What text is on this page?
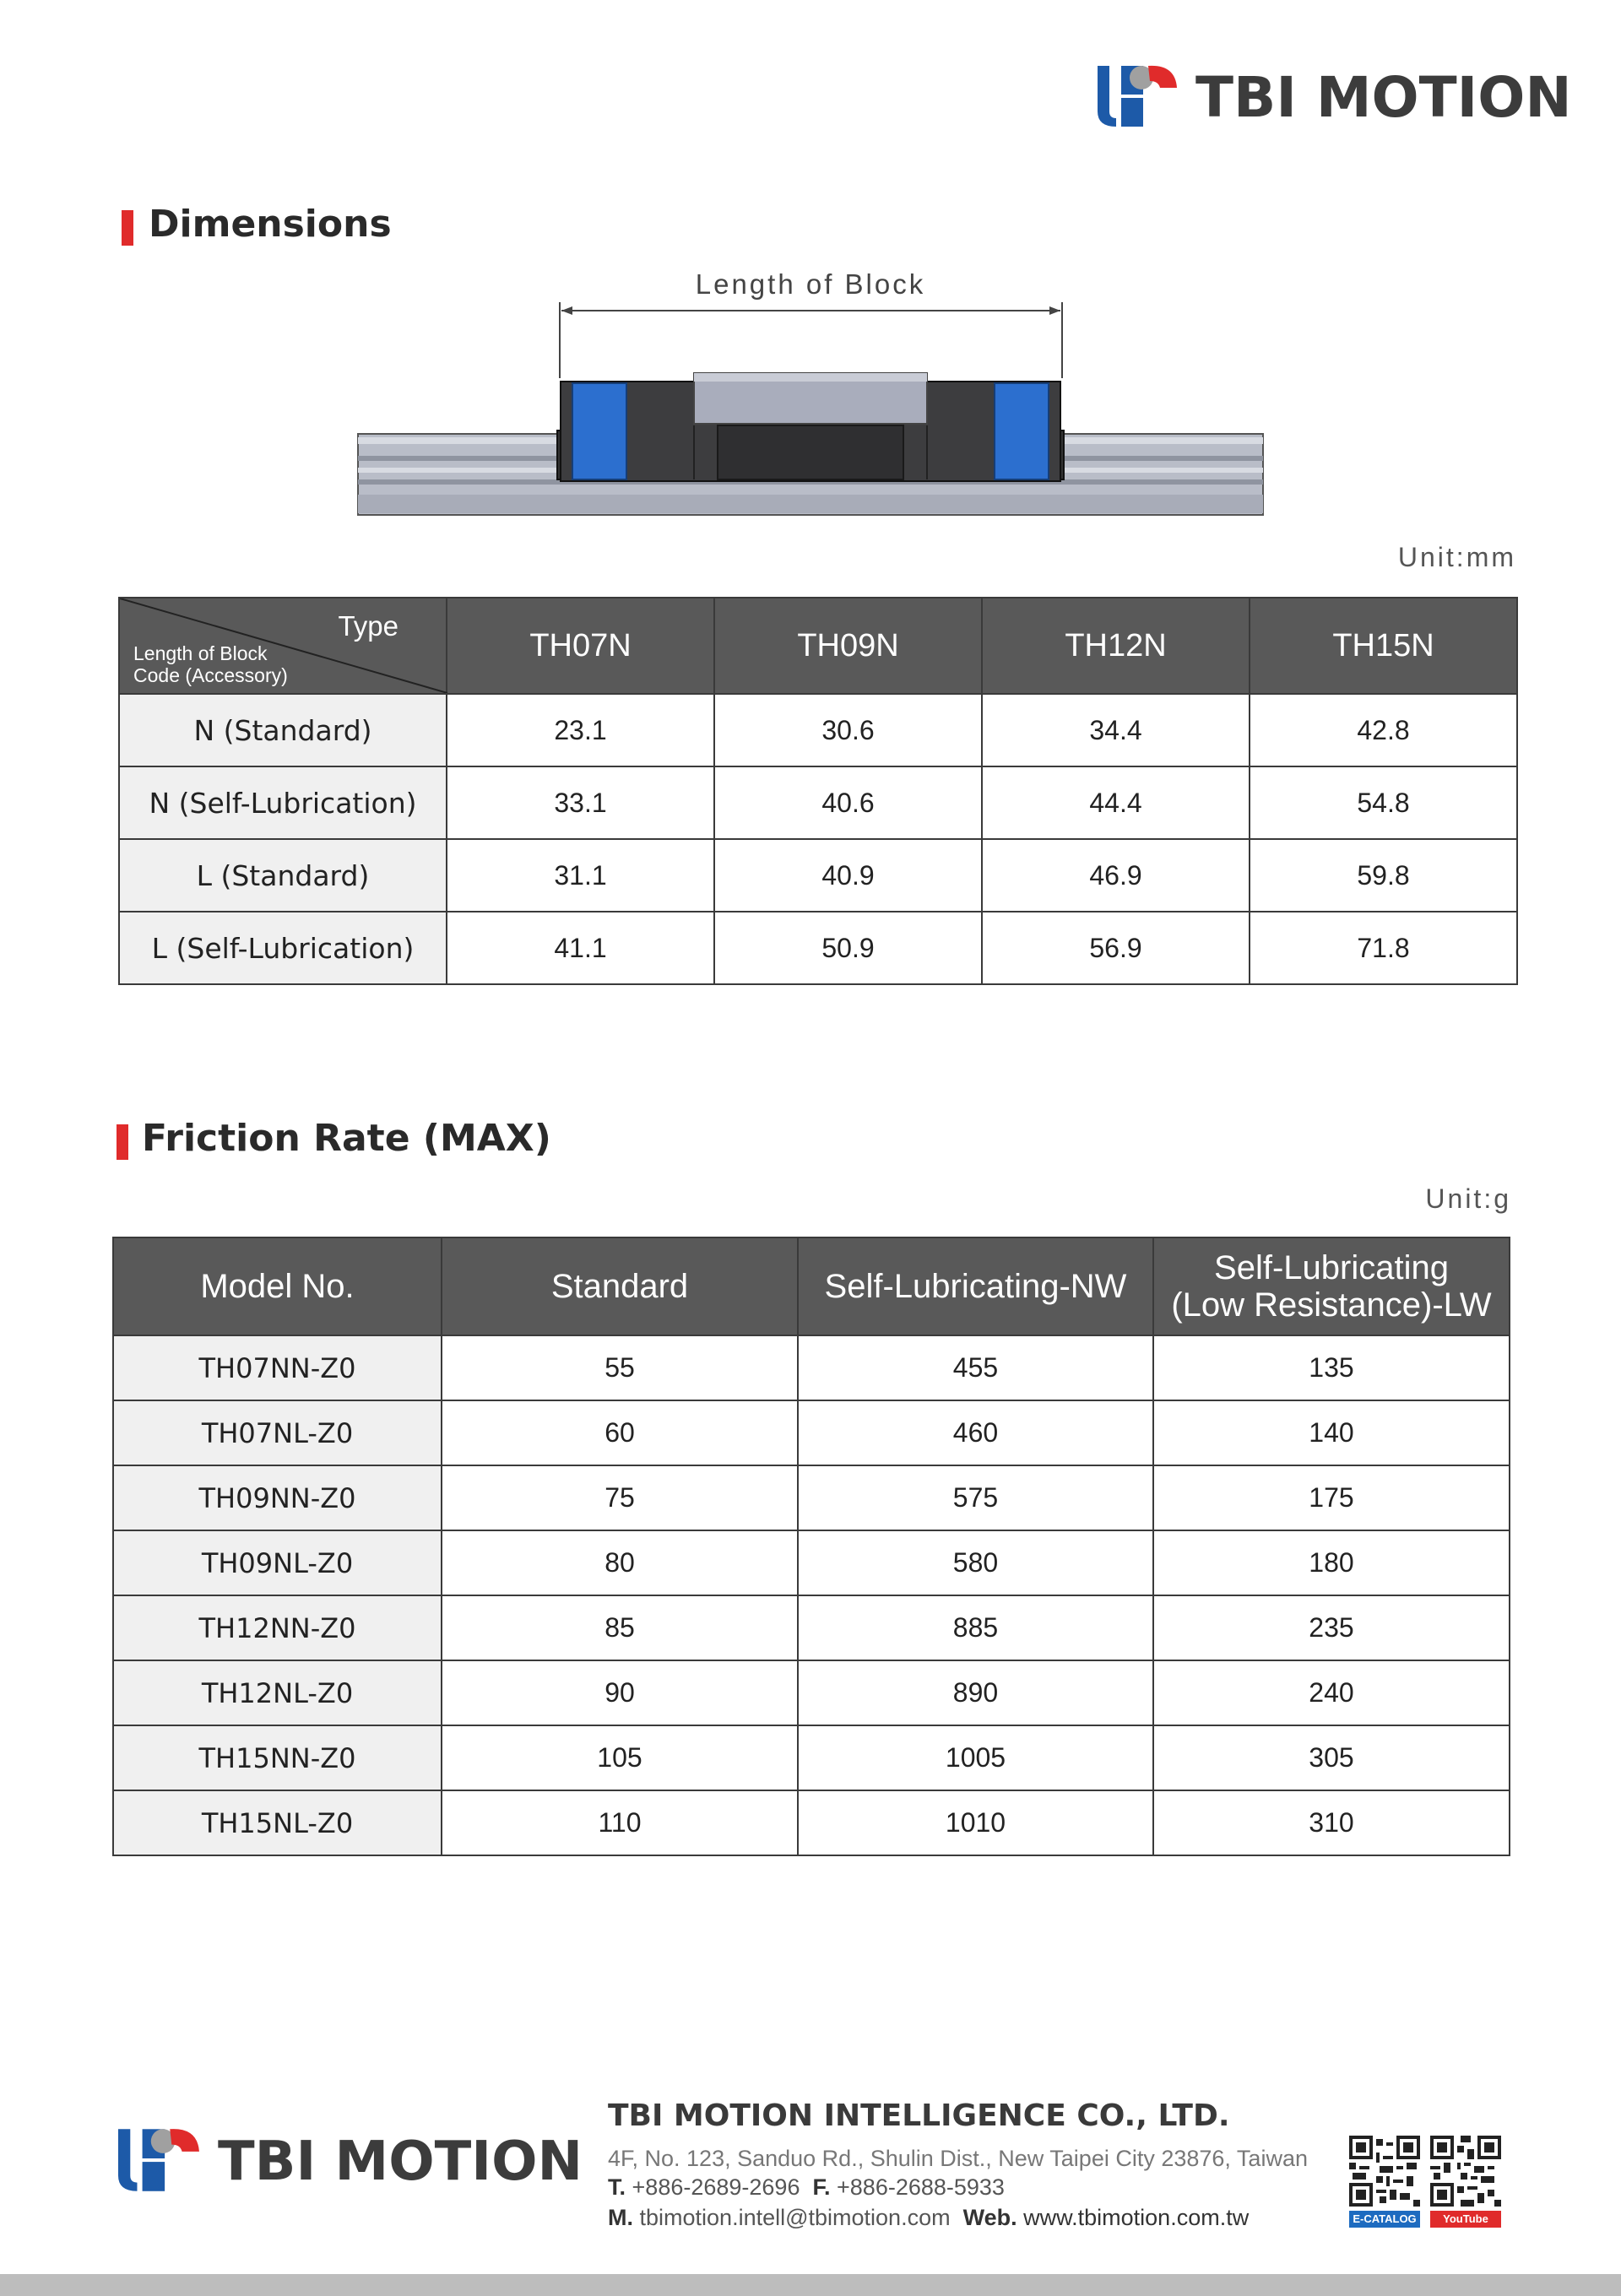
TBI MOTION
Dimensions
Length of Block
Unit:mm
Type
Length of Block
Code (Accessory)	TH07N	TH09N	TH12N	TH15N
N (Standard)	23.1	30.6	34.4	42.8
N (Self-Lubrication)	33.1	40.6	44.4	54.8
L (Standard)	31.1	40.9	46.9	59.8
L (Self-Lubrication)	41.1	50.9	56.9	71.8
Friction Rate (MAX)
Unit:g
Model No.	Standard	Self-Lubricating-NW	Self-Lubricating
(Low Resistance)-LW
TH07NN-Z0	55	455	135
TH07NL-Z0	60	460	140
TH09NN-Z0	75	575	175
TH09NL-Z0	80	580	180
TH12NN-Z0	85	885	235
TH12NL-Z0	90	890	240
TH15NN-Z0	105	1005	305
TH15NL-Z0	110	1010	310
TBI MOTION
TBI MOTION INTELLIGENCE CO., LTD.
4F, No. 123, Sanduo Rd., Shulin Dist., New Taipei City 23876, Taiwan
T. +886-2689-2696 F. +886-2688-5933
M. tbimotion.intell@tbimotion.com Web. www.tbimotion.com.tw	E-CATALOG	YouTube
